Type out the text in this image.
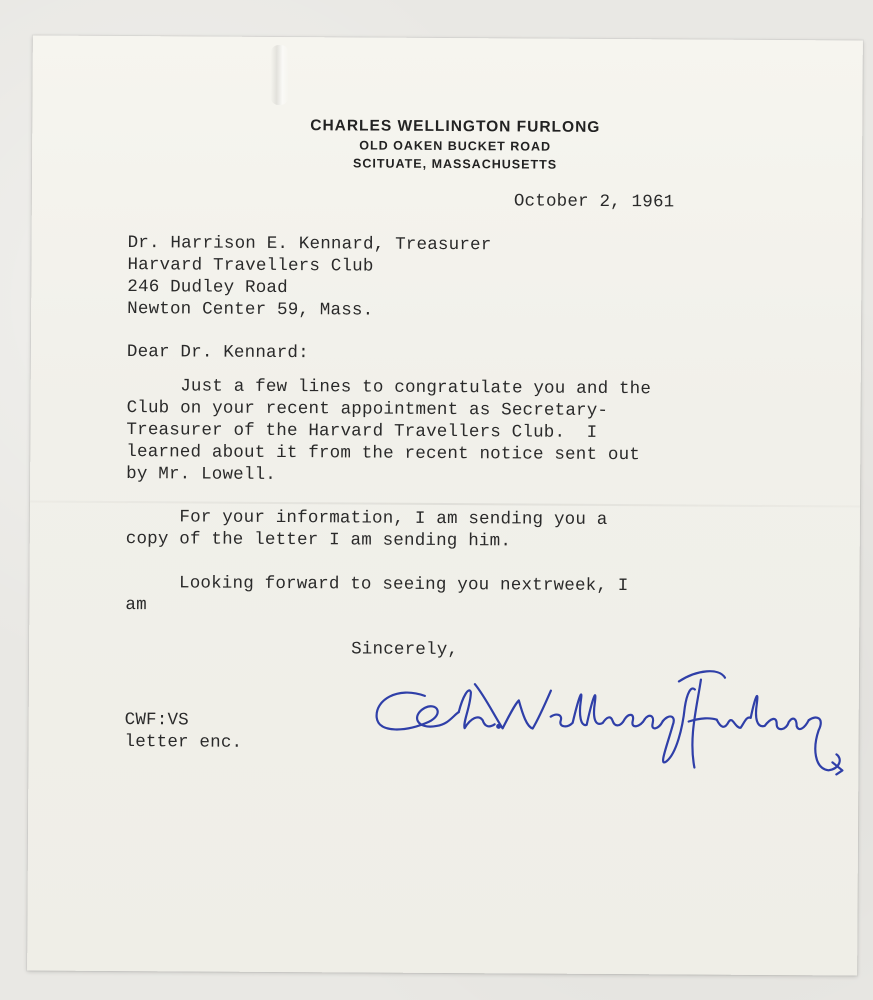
CHARLES WELLINGTON FURLONG
OLD OAKEN BUCKET ROAD
SCITUATE, MASSACHUSETTS
October 2, 1961
Dr. Harrison E. Kennard, Treasurer
Harvard Travellers Club
246 Dudley Road
Newton Center 59, Mass.
Dear Dr. Kennard:
Just a few lines to congratulate you and the
Club on your recent appointment as Secretary-
Treasurer of the Harvard Travellers Club.  I
learned about it from the recent notice sent out
by Mr. Lowell.
For your information, I am sending you a
copy of the letter I am sending him.
Looking forward to seeing you nextrweek, I
am
Sincerely,
CWF:VS
letter enc.
